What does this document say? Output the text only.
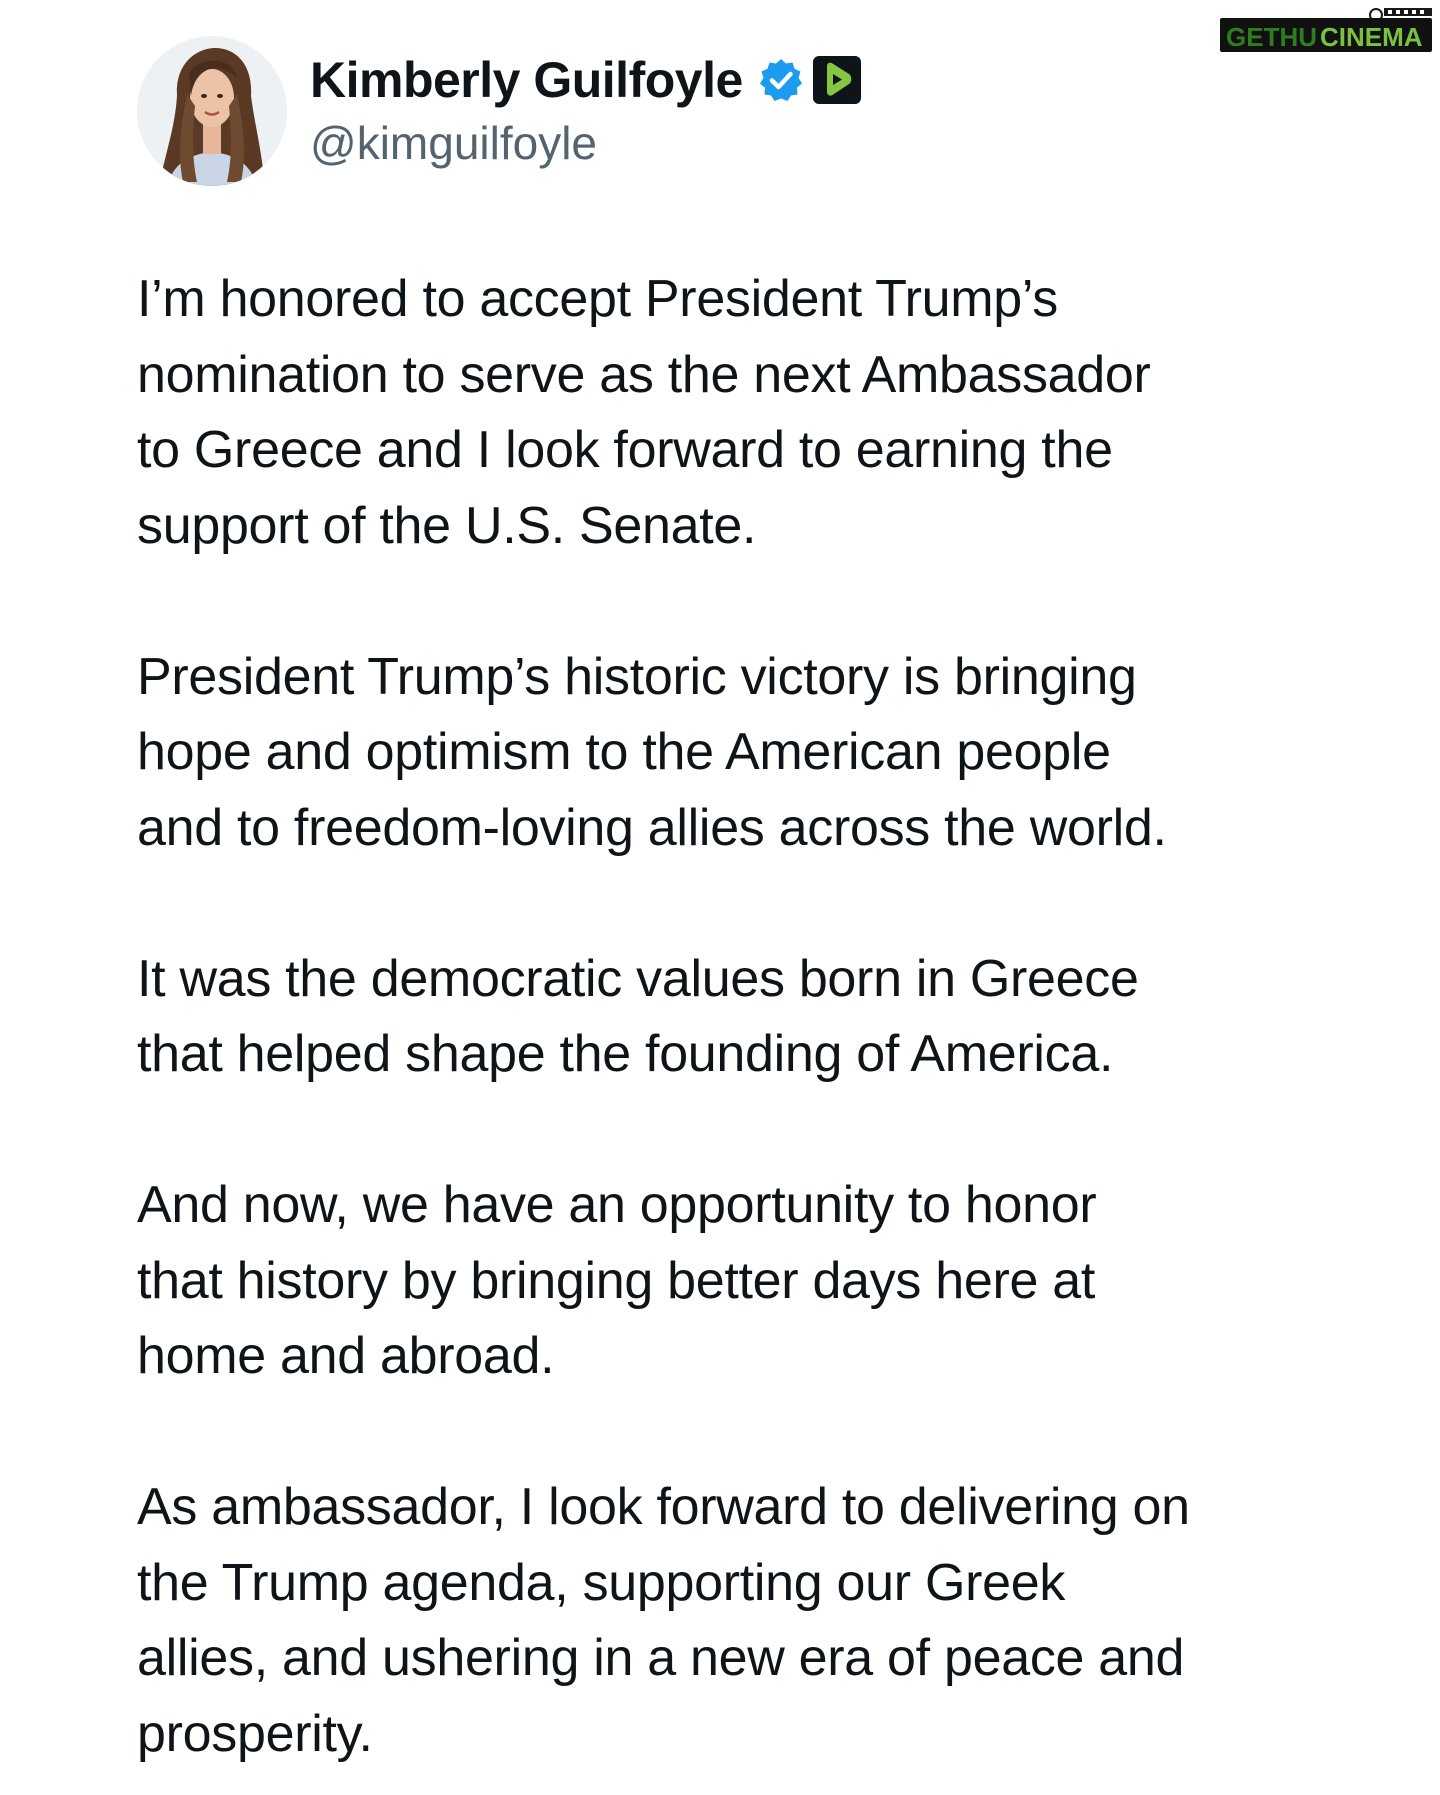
Kimberly Guilfoyle
@kimguilfoyle

I’m honored to accept President Trump’s
nomination to serve as the next Ambassador
to Greece and I look forward to earning the
support of the U.S. Senate.

President Trump’s historic victory is bringing
hope and optimism to the American people
and to freedom-loving allies across the world.

It was the democratic values born in Greece
that helped shape the founding of America.

And now, we have an opportunity to honor
that history by bringing better days here at
home and abroad.

As ambassador, I look forward to delivering on
the Trump agenda, supporting our Greek
allies, and ushering in a new era of peace and
prosperity.

GETHU CINEMA
